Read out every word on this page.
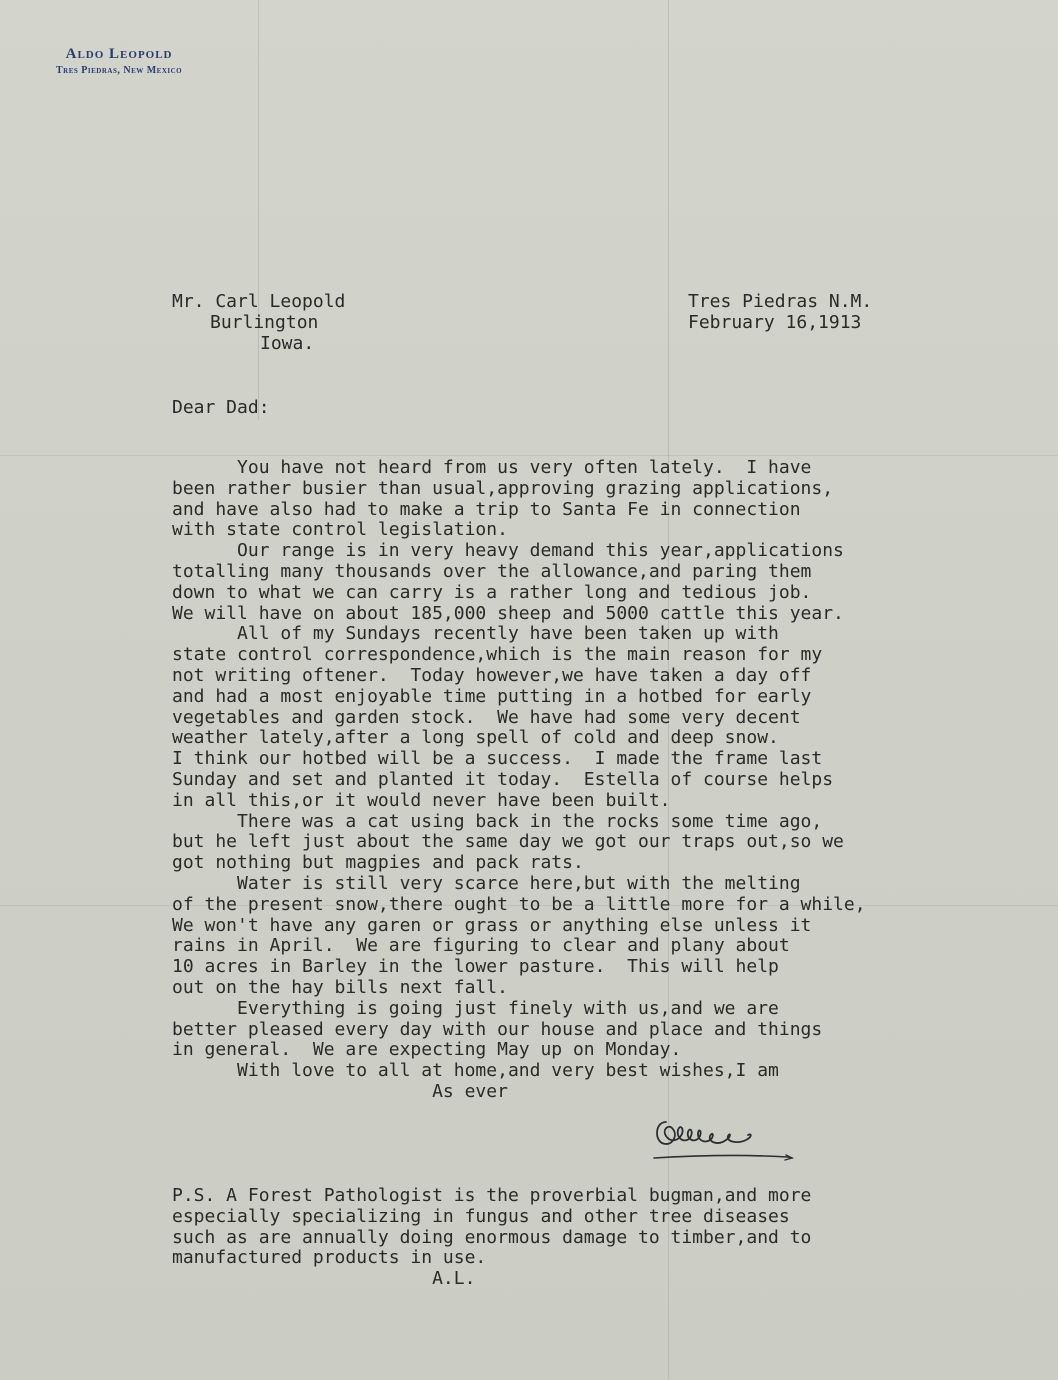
Aldo Leopold
Tres Piedras, New Mexico
Mr. Carl Leopold
Burlington
Iowa.
Tres Piedras N.M.
February 16,1913
Dear Dad:
You have not heard from us very often lately.  I have
been rather busier than usual,approving grazing applications,
and have also had to make a trip to Santa Fe in connection
with state control legislation.
Our range is in very heavy demand this year,applications
totalling many thousands over the allowance,and paring them
down to what we can carry is a rather long and tedious job.
We will have on about 185,000 sheep and 5000 cattle this year.
All of my Sundays recently have been taken up with
state control correspondence,which is the main reason for my
not writing oftener.  Today however,we have taken a day off
and had a most enjoyable time putting in a hotbed for early
vegetables and garden stock.  We have had some very decent
weather lately,after a long spell of cold and deep snow.
I think our hotbed will be a success.  I made the frame last
Sunday and set and planted it today.  Estella of course helps
in all this,or it would never have been built.
There was a cat using back in the rocks some time ago,
but he left just about the same day we got our traps out,so we
got nothing but magpies and pack rats.
Water is still very scarce here,but with the melting
of the present snow,there ought to be a little more for a while,
We won't have any garen or grass or anything else unless it
rains in April.  We are figuring to clear and plany about
10 acres in Barley in the lower pasture.  This will help
out on the hay bills next fall.
Everything is going just finely with us,and we are
better pleased every day with our house and place and things
in general.  We are expecting May up on Monday.
With love to all at home,and very best wishes,I am
As ever
P.S. A Forest Pathologist is the proverbial bugman,and more
especially specializing in fungus and other tree diseases
such as are annually doing enormous damage to timber,and to
manufactured products in use.
A.L.
